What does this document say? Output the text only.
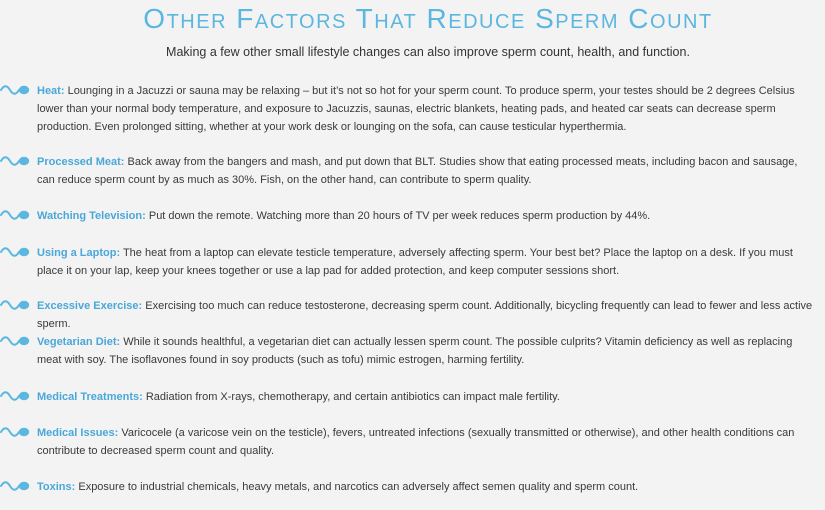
Other Factors That Reduce Sperm Count

Making a few other small lifestyle changes can also improve sperm count, health, and function.

Heat: Lounging in a Jacuzzi or sauna may be relaxing – but it’s not so hot for your sperm count. To produce sperm, your testes should be 2 degrees Celsius lower than your normal body temperature, and exposure to Jacuzzis, saunas, electric blankets, heating pads, and heated car seats can decrease sperm production. Even prolonged sitting, whether at your work desk or lounging on the sofa, can cause testicular hyperthermia.

Processed Meat: Back away from the bangers and mash, and put down that BLT. Studies show that eating processed meats, including bacon and sausage, can reduce sperm count by as much as 30%. Fish, on the other hand, can contribute to sperm quality.

Watching Television: Put down the remote. Watching more than 20 hours of TV per week reduces sperm production by 44%.

Using a Laptop: The heat from a laptop can elevate testicle temperature, adversely affecting sperm. Your best bet? Place the laptop on a desk. If you must place it on your lap, keep your knees together or use a lap pad for added protection, and keep computer sessions short.

Excessive Exercise: Exercising too much can reduce testosterone, decreasing sperm count. Additionally, bicycling frequently can lead to fewer and less active sperm.

Vegetarian Diet: While it sounds healthful, a vegetarian diet can actually lessen sperm count. The possible culprits? Vitamin deficiency as well as replacing meat with soy. The isoflavones found in soy products (such as tofu) mimic estrogen, harming fertility.

Medical Treatments: Radiation from X-rays, chemotherapy, and certain antibiotics can impact male fertility.

Medical Issues: Varicocele (a varicose vein on the testicle), fevers, untreated infections (sexually transmitted or otherwise), and other health conditions can contribute to decreased sperm count and quality.

Toxins: Exposure to industrial chemicals, heavy metals, and narcotics can adversely affect semen quality and sperm count.
